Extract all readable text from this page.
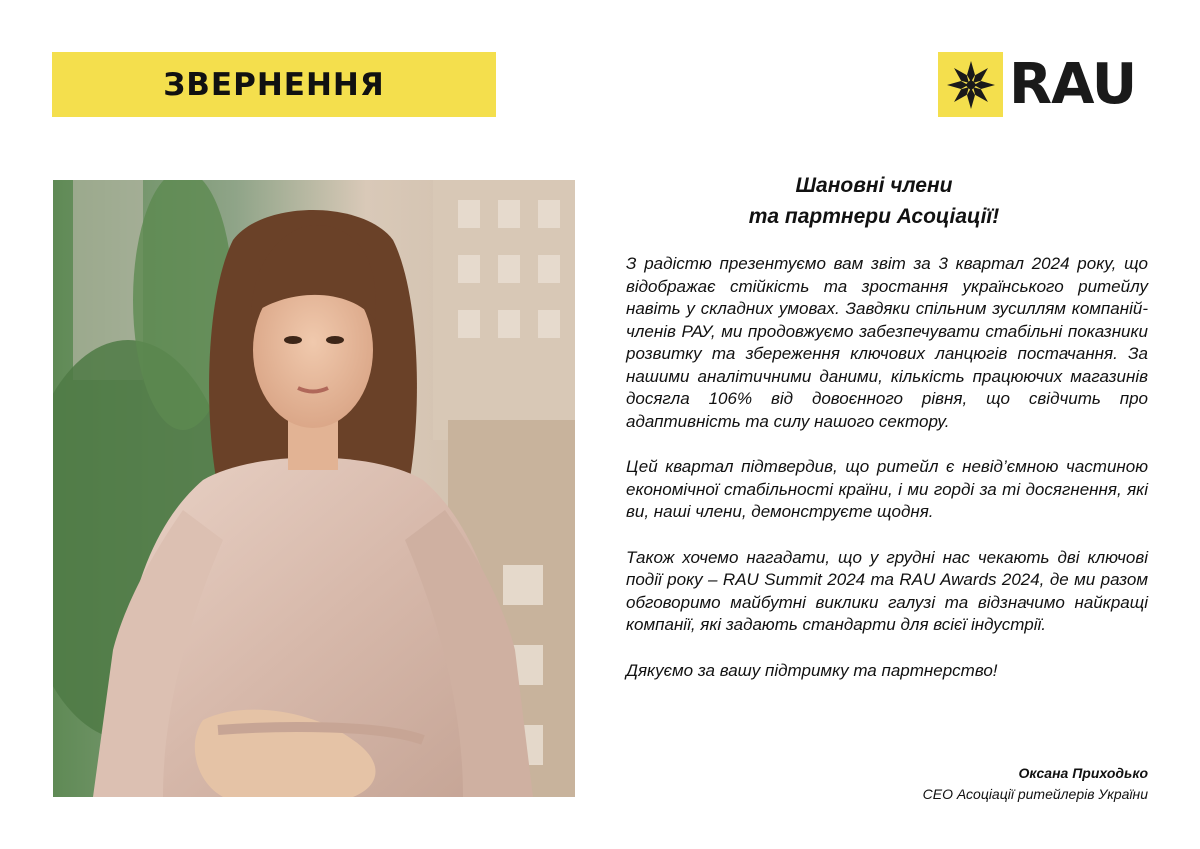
ЗВЕРНЕННЯ	RAU
Шановні члени
та партнери Асоціації!

З радістю презентуємо вам звіт за 3 квартал 2024 року, що відображає стійкість та зростання українського ритейлу навіть у складних умовах. Завдяки спільним зусиллям компаній-членів РАУ, ми продовжуємо забезпечувати стабільні показники розвитку та збереження ключових ланцюгів постачання. За нашими аналітичними даними, кількість працюючих магазинів досягла 106% від довоєнного рівня, що свідчить про адаптивність та силу нашого сектору.

Цей квартал підтвердив, що ритейл є невід’ємною частиною економічної стабільності країни, і ми горді за ті досягнення, які ви, наші члени, демонструєте щодня.

Також хочемо нагадати, що у грудні нас чекають дві ключові події року – RAU Summit 2024 та RAU Awards 2024, де ми разом обговоримо майбутні виклики галузі та відзначимо найкращі компанії, які задають стандарти для всієї індустрії.

Дякуємо за вашу підтримку та партнерство!

Оксана Приходько
CEO Асоціації ритейлерів України
